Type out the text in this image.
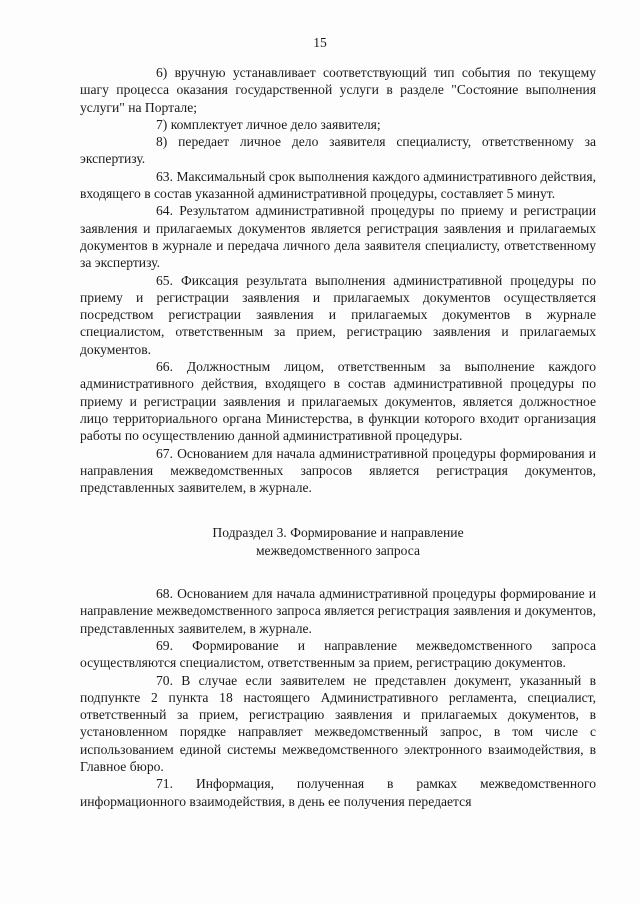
15

6) вручную устанавливает соответствующий тип события по текущему шагу процесса оказания государственной услуги в разделе "Состояние выполнения услуги" на Портале;

7) комплектует личное дело заявителя;

8) передает личное дело заявителя специалисту, ответственному за экспертизу.

63. Максимальный срок выполнения каждого административного действия, входящего в состав указанной административной процедуры, составляет 5 минут.

64. Результатом административной процедуры по приему и регистрации заявления и прилагаемых документов является регистрация заявления и прилагаемых документов в журнале и передача личного дела заявителя специалисту, ответственному за экспертизу.

65. Фиксация результата выполнения административной процедуры по приему и регистрации заявления и прилагаемых документов осуществляется посредством регистрации заявления и прилагаемых документов в журнале специалистом, ответственным за прием, регистрацию заявления и прилагаемых документов.

66. Должностным лицом, ответственным за выполнение каждого административного действия, входящего в состав административной процедуры по приему и регистрации заявления и прилагаемых документов, является должностное лицо территориального органа Министерства, в функции которого входит организация работы по осуществлению данной административной процедуры.

67. Основанием для начала административной процедуры формирования и направления межведомственных запросов является регистрация документов, представленных заявителем, в журнале.

Подраздел 3. Формирование и направление
межведомственного запроса

68. Основанием для начала административной процедуры формирование и направление межведомственного запроса является регистрация заявления и документов, представленных заявителем, в журнале.

69. Формирование и направление межведомственного запроса осуществляются специалистом, ответственным за прием, регистрацию документов.

70. В случае если заявителем не представлен документ, указанный в подпункте 2 пункта 18 настоящего Административного регламента, специалист, ответственный за прием, регистрацию заявления и прилагаемых документов, в установленном порядке направляет межведомственный запрос, в том числе с использованием единой системы межведомственного электронного взаимодействия, в Главное бюро.

71. Информация, полученная в рамках межведомственного информационного взаимодействия, в день ее получения передается
